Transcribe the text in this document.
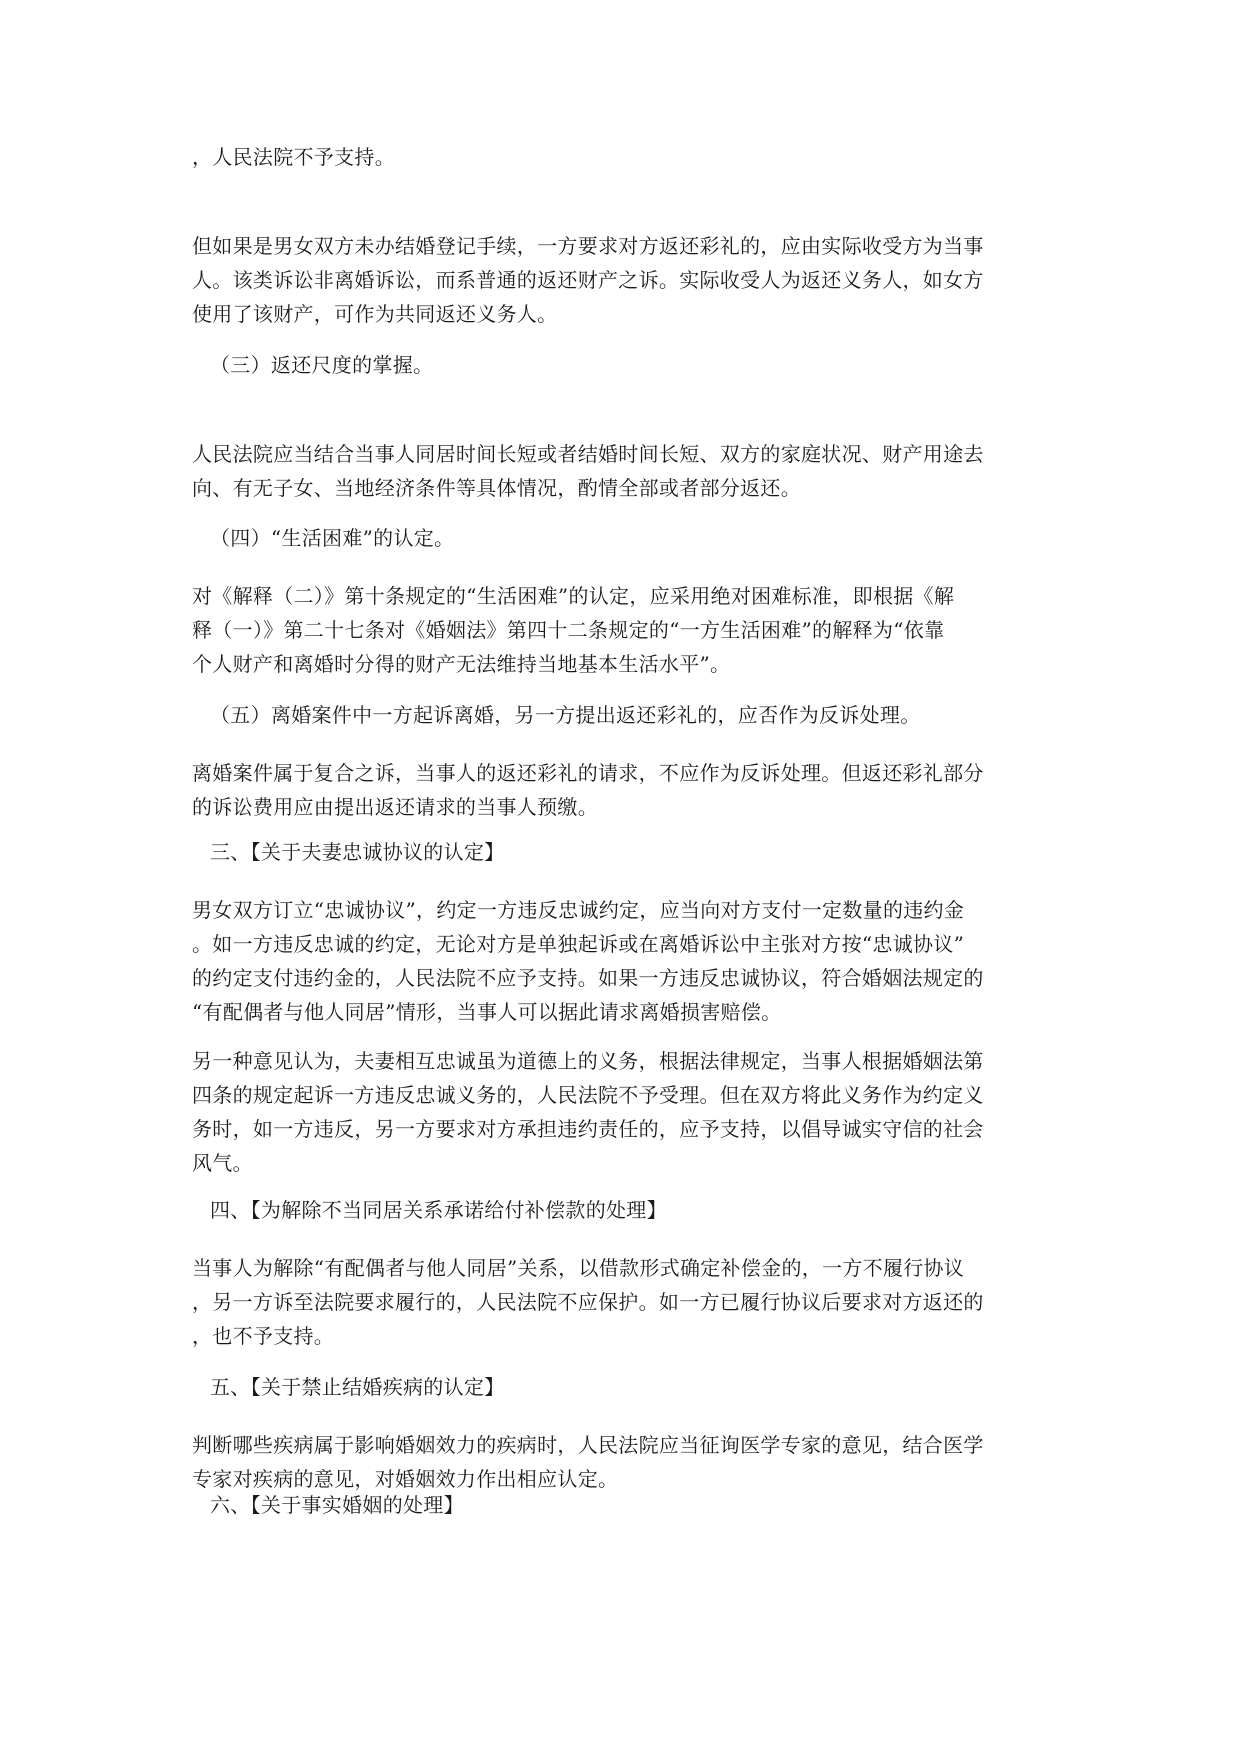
，人民法院不予支持。
但如果是男女双方未办结婚登记手续，一方要求对方返还彩礼的，应由实际收受方为当事
人。该类诉讼非离婚诉讼，而系普通的返还财产之诉。实际收受人为返还义务人，如女方
使用了该财产，可作为共同返还义务人。
（三）返还尺度的掌握。
人民法院应当结合当事人同居时间长短或者结婚时间长短、双方的家庭状况、财产用途去
向、有无子女、当地经济条件等具体情况，酌情全部或者部分返还。
（四）“生活困难”的认定。
对《解释（二）》第十条规定的“生活困难”的认定，应采用绝对困难标准，即根据《解
释（一）》第二十七条对《婚姻法》第四十二条规定的“一方生活困难”的解释为“依靠
个人财产和离婚时分得的财产无法维持当地基本生活水平”。
（五）离婚案件中一方起诉离婚，另一方提出返还彩礼的，应否作为反诉处理。
离婚案件属于复合之诉，当事人的返还彩礼的请求，不应作为反诉处理。但返还彩礼部分
的诉讼费用应由提出返还请求的当事人预缴。
三、【关于夫妻忠诚协议的认定】
男女双方订立“忠诚协议”，约定一方违反忠诚约定，应当向对方支付一定数量的违约金
。如一方违反忠诚的约定，无论对方是单独起诉或在离婚诉讼中主张对方按“忠诚协议”
的约定支付违约金的，人民法院不应予支持。如果一方违反忠诚协议，符合婚姻法规定的
“有配偶者与他人同居”情形，当事人可以据此请求离婚损害赔偿。
另一种意见认为，夫妻相互忠诚虽为道德上的义务，根据法律规定，当事人根据婚姻法第
四条的规定起诉一方违反忠诚义务的，人民法院不予受理。但在双方将此义务作为约定义
务时，如一方违反，另一方要求对方承担违约责任的，应予支持，以倡导诚实守信的社会
风气。
四、【为解除不当同居关系承诺给付补偿款的处理】
当事人为解除“有配偶者与他人同居”关系，以借款形式确定补偿金的，一方不履行协议
，另一方诉至法院要求履行的，人民法院不应保护。如一方已履行协议后要求对方返还的
，也不予支持。
五、【关于禁止结婚疾病的认定】
判断哪些疾病属于影响婚姻效力的疾病时，人民法院应当征询医学专家的意见，结合医学
专家对疾病的意见，对婚姻效力作出相应认定。
六、【关于事实婚姻的处理】
